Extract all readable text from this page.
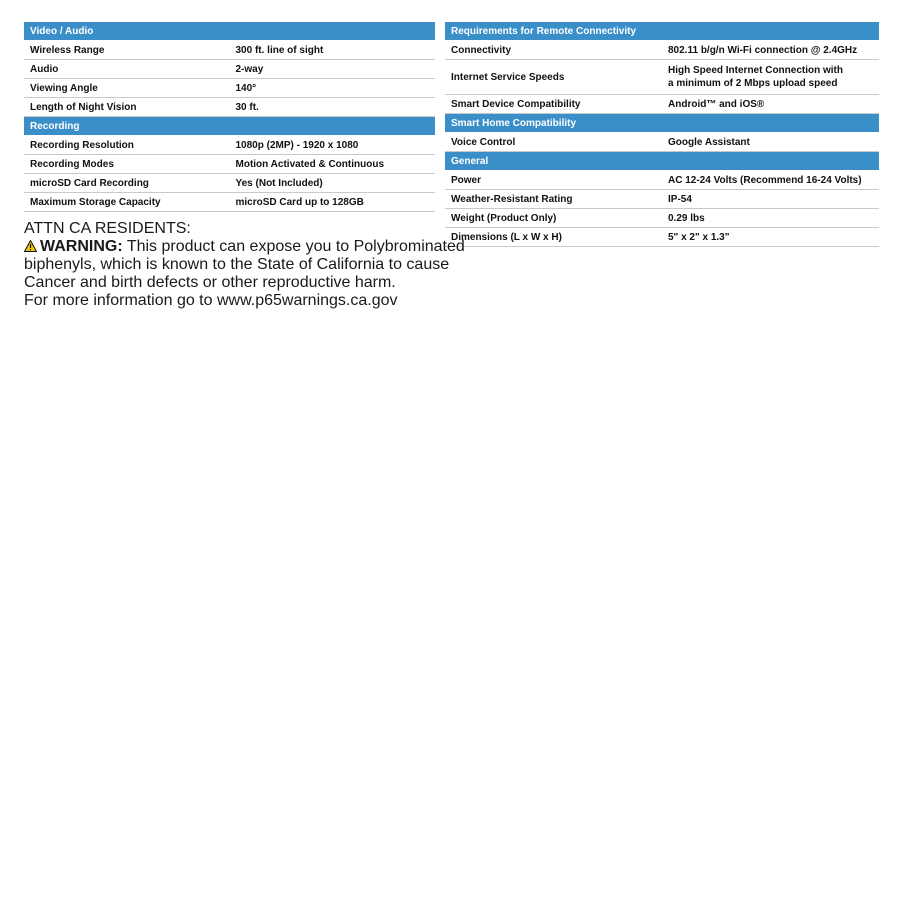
Video / Audio	
Wireless Range	300 ft. line of sight
Audio	2-way
Viewing Angle	140°
Length of Night Vision	30 ft.
Recording	
Recording Resolution	1080p (2MP) - 1920 x 1080
Recording Modes	Motion Activated & Continuous
microSD Card Recording	Yes (Not Included)
Maximum Storage Capacity	microSD Card up to 128GB
Requirements for Remote Connectivity	
Connectivity	802.11 b/g/n Wi-Fi connection @ 2.4GHz
Internet Service Speeds	High Speed Internet Connection with
a minimum of 2 Mbps upload speed

Smart Device Compatibility	Android™ and iOS®
Smart Home Compatibility	
Voice Control	Google Assistant
General	
Power	AC 12-24 Volts (Recommend 16-24 Volts)
Weather-Resistant Rating	IP-54
Weight (Product Only)	0.29 lbs
Dimensions (L x W x H)	5" x 2" x 1.3"
ATTN CA RESIDENTS:
WARNING: This product can expose you to Polybrominated
biphenyls, which is known to the State of California to cause
Cancer and birth defects or other reproductive harm.
For more information go to www.p65warnings.ca.gov
